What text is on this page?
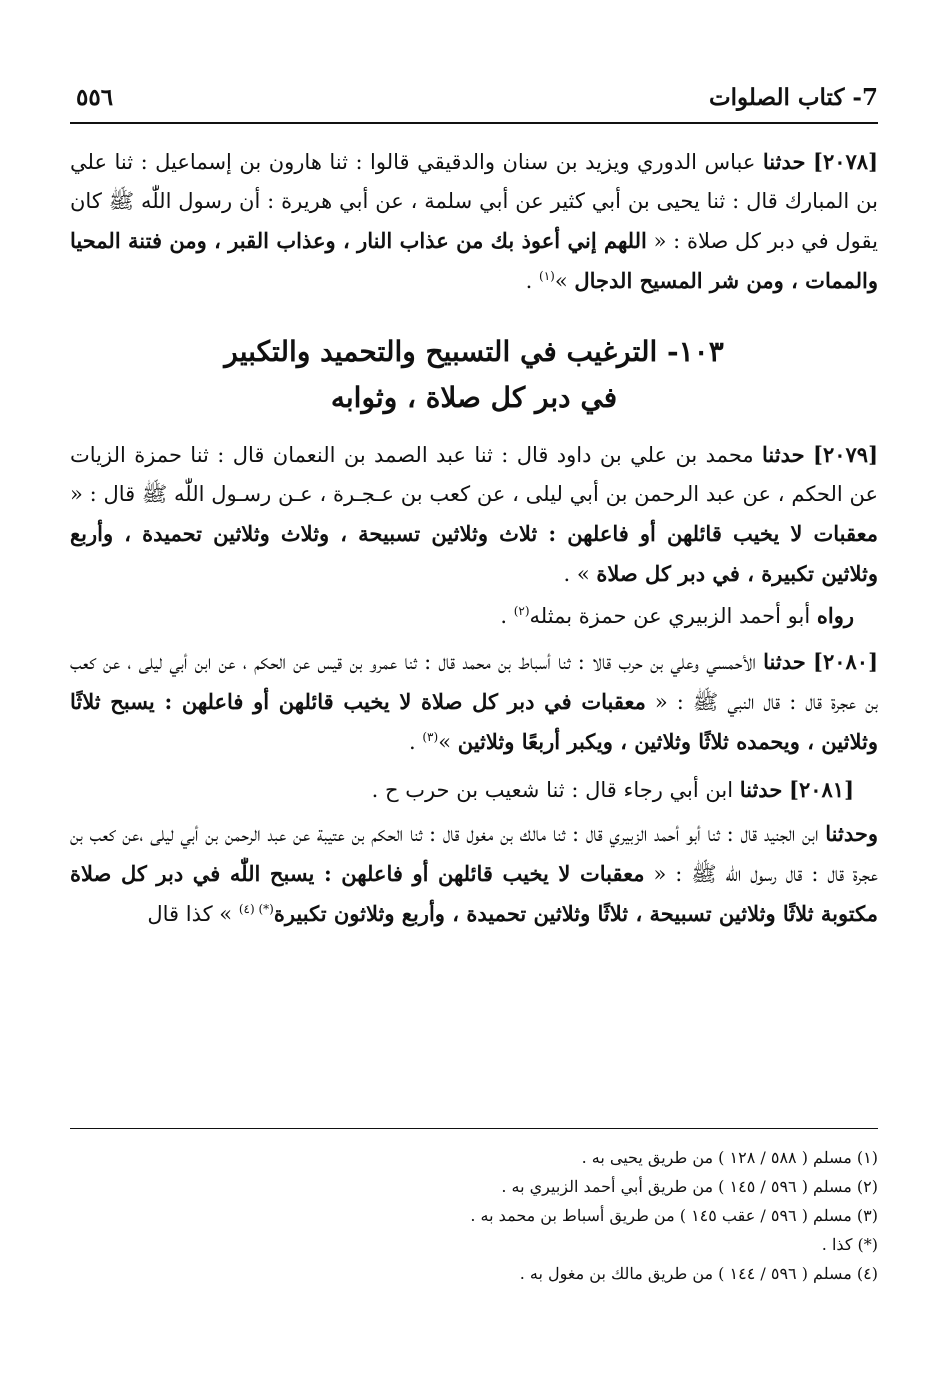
7- كتاب الصلوات
٥٥٦

[٢٠٧٨] حدثنا عباس الدوري ويزيد بن سنان والدقيقي قالوا : ثنا هارون بن إسماعيل : ثنا علي بن المبارك قال : ثنا يحيى بن أبي كثير عن أبي سلمة ، عن أبي هريرة : أن رسول اللّٰه ﷺ كان يقول في دبر كل صلاة : « اللهم إني أعوذ بك من عذاب النار ، وعذاب القبر ، ومن فتنة المحيا والممات ، ومن شر المسيح الدجال »$^{(١)}$ .

١٠٣- الترغيب في التسبيح والتحميد والتكبير
في دبر كل صلاة ، وثوابه

[٢٠٧٩] حدثنا محمد بن علي بن داود قال : ثنا عبد الصمد بن النعمان قال : ثنا حمزة الزيات عن الحكم ، عن عبد الرحمن بن أبي ليلى ، عن كعب بن عـجـرة ، عـن رسـول اللّٰه ﷺ قال : « معقبات لا يخيب قائلهن أو فاعلهن : ثلاث وثلاثين تسبيحة ، وثلاث وثلاثين تحميدة ، وأربع وثلاثين تكبيرة ، في دبر كل صلاة » .

رواه أبو أحمد الزبيري عن حمزة بمثله$^{(٢)}$ .

[٢٠٨٠] حدثنا الأحمسي وعلي بن حرب قالا : ثنا أسباط بن محمد قال : ثنا عمرو بن قيس عن الحكم ، عن ابن أبي ليلى ، عن كعب بن عجرة قال : قال النبي ﷺ : « معقبات في دبر كل صلاة لا يخيب قائلهن أو فاعلهن : يسبح ثلاثًا وثلاثين ، ويحمده ثلاثًا وثلاثين ، ويكبر أربعًا وثلاثين »$^{(٣)}$ .

[٢٠٨١] حدثنا ابن أبي رجاء قال : ثنا شعيب بن حرب ح .

وحدثنا ابن الجنيد قال : ثنا أبو أحمد الزبيري قال : ثنا مالك بن مغول قال : ثنا الحكم بن عتيبة عن عبد الرحمن بن أبي ليلى ،عن كعب بن عجرة قال : قال رسول اللّٰه ﷺ : « معقبات لا يخيب قائلهن أو فاعلهن : يسبح اللّٰه في دبر كل صلاة مكتوبة ثلاثًا وثلاثين تسبيحة ، ثلاثًا وثلاثين تحميدة ، وأربع وثلاثون تكبيرة(*) $^{(٤)}$ » كذا قال

(١) مسلم ( ٥٨٨ / ١٢٨ ) من طريق يحيى به .

(٢) مسلم ( ٥٩٦ / ١٤٥ ) من طريق أبي أحمد الزبيري به .

(٣) مسلم ( ٥٩٦ / عقب ١٤٥ ) من طريق أسباط بن محمد به .

(*) كذا .

(٤) مسلم ( ٥٩٦ / ١٤٤ ) من طريق مالك بن مغول به .
